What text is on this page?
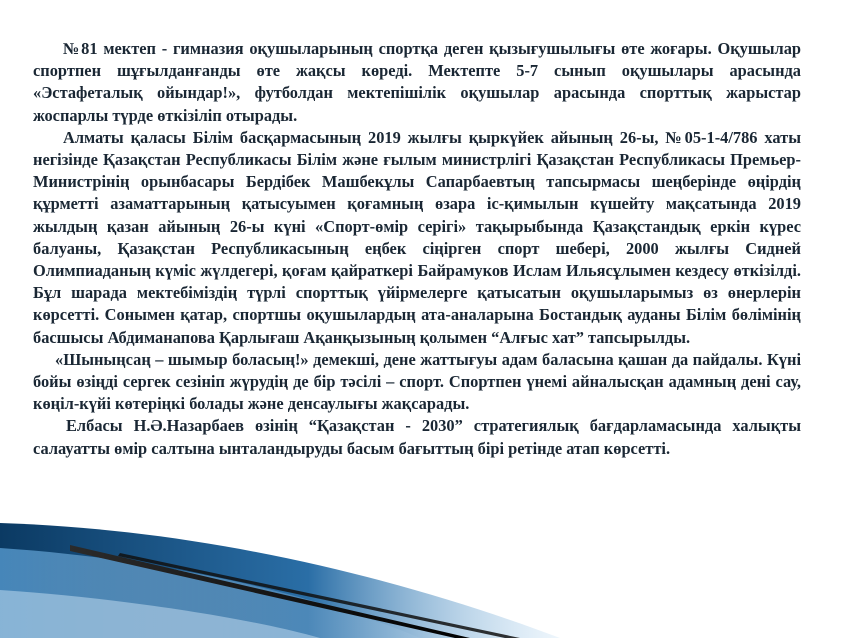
№81 мектеп - гимназия оқушыларының спортқа деген қызығушылығы өте жоғары. Оқушылар спортпен шұғылданғанды өте жақсы көреді. Мектепте 5-7 сынып оқушылары арасында «Эстафеталық ойындар!», футболдан мектепішілік оқушылар арасында спорттық жарыстар жоспарлы түрде өткізіліп отырады.

Алматы қаласы Білім басқармасының 2019 жылғы қыркүйек айының 26-ы, №05-1-4/786 хаты негізінде Қазақстан Республикасы Білім және ғылым министрлігі Қазақстан Республикасы Премьер-Министрінің орынбасары Бердібек Машбекұлы Сапарбаевтың тапсырмасы шеңберінде өңірдің құрметті азаматтарының қатысуымен қоғамның өзара іс-қимылын күшейту мақсатында 2019 жылдың қазан айының 26-ы күні «Спорт-өмір серігі» тақырыбында Қазақстандық еркін күрес балуаны, Қазақстан Республикасының еңбек сіңірген спорт шебері, 2000 жылғы Сидней Олимпиаданың күміс жүлдегері, қоғам қайраткері Байрамуков Ислам Ильясұлымен кездесу өткізілді. Бұл шарада мектебіміздің түрлі спорттық үйірмелерге қатысатын оқушыларымыз өз өнерлерін көрсетті. Сонымен қатар, спортшы оқушылардың ата-аналарына Бостандық ауданы Білім бөлімінің басшысы Абдиманапова Қарлығаш Ақанқызының қолымен “Алғыс хат” тапсырылды.

«Шыныңсаң – шымыр боласың!» демекші, дене жаттығуы адам баласына қашан да пайдалы. Күні бойы өзіңді сергек сезініп жүрудің де бір тәсілі – спорт. Спортпен үнемі айналысқан адамның дені сау, көңіл-күйі көтеріңкі болады және денсаулығы жақсарады.

Елбасы Н.Ә.Назарбаев өзінің “Қазақстан - 2030” стратегиялық бағдарламасында халықты салауатты өмір салтына ынталандыруды басым бағыттың бірі ретінде атап көрсетті.
